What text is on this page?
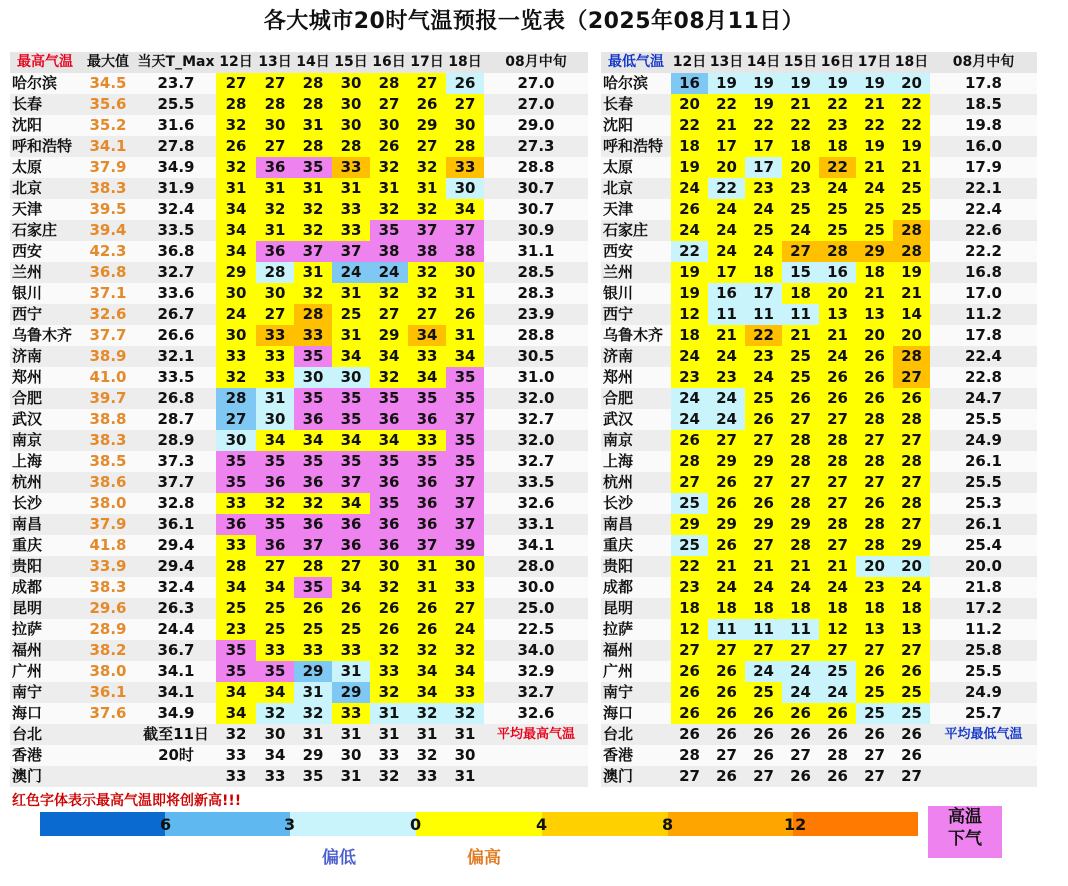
各大城市20时气温预报一览表（2025年08月11日）
最高气温	最大值	当天T_Max	12日	13日	14日	15日	16日	17日	18日	08月中旬
哈尔滨	34.5	23.7	27	27	28	30	28	27	26	27.0
长春	35.6	25.5	28	28	28	30	27	26	27	27.0
沈阳	35.2	31.6	32	30	31	30	30	29	30	29.0
呼和浩特	34.1	27.8	26	27	28	28	26	27	28	27.3
太原	37.9	34.9	32	36	35	33	32	32	33	28.8
北京	38.3	31.9	31	31	31	31	31	31	30	30.7
天津	39.5	32.4	34	32	32	33	32	32	34	30.7
石家庄	39.4	33.5	34	31	32	33	35	37	37	30.9
西安	42.3	36.8	34	36	37	37	38	38	38	31.1
兰州	36.8	32.7	29	28	31	24	24	32	30	28.5
银川	37.1	33.6	30	30	32	31	32	32	31	28.3
西宁	32.6	26.7	24	27	28	25	27	27	26	23.9
乌鲁木齐	37.7	26.6	30	33	33	31	29	34	31	28.8
济南	38.9	32.1	33	33	35	34	34	33	34	30.5
郑州	41.0	33.5	32	33	30	30	32	34	35	31.0
合肥	39.7	26.8	28	31	35	35	35	35	35	32.0
武汉	38.8	28.7	27	30	36	35	36	36	37	32.7
南京	38.3	28.9	30	34	34	34	34	33	35	32.0
上海	38.5	37.3	35	35	35	35	35	35	35	32.7
杭州	38.6	37.7	35	36	36	37	36	36	37	33.5
长沙	38.0	32.8	33	32	32	34	35	36	37	32.6
南昌	37.9	36.1	36	35	36	36	36	36	37	33.1
重庆	41.8	29.4	33	36	37	36	36	37	39	34.1
贵阳	33.9	29.4	28	27	28	27	30	31	30	28.0
成都	38.3	32.4	34	34	35	34	32	31	33	30.0
昆明	29.6	26.3	25	25	26	26	26	26	27	25.0
拉萨	28.9	24.4	23	25	25	25	26	26	24	22.5
福州	38.2	36.7	35	33	33	33	32	32	32	34.0
广州	38.0	34.1	35	35	29	31	33	34	34	32.9
南宁	36.1	34.1	34	34	31	29	32	34	33	32.7
海口	37.6	34.9	34	32	32	33	31	32	32	32.6
台北		截至11日	32	30	31	31	31	31	31	平均最高气温
香港		20时	33	34	29	30	33	32	30	
澳门			33	33	35	31	32	33	31	
最低气温	12日	13日	14日	15日	16日	17日	18日	08月中旬
哈尔滨	16	19	19	19	19	19	20	17.8
长春	20	22	19	21	22	21	22	18.5
沈阳	22	21	22	22	23	22	22	19.8
呼和浩特	18	17	17	18	18	19	19	16.0
太原	19	20	17	20	22	21	21	17.9
北京	24	22	23	23	24	24	25	22.1
天津	26	24	24	25	25	25	25	22.4
石家庄	24	24	25	24	25	25	28	22.6
西安	22	24	24	27	28	29	28	22.2
兰州	19	17	18	15	16	18	19	16.8
银川	19	16	17	18	20	21	21	17.0
西宁	12	11	11	11	13	13	14	11.2
乌鲁木齐	18	21	22	21	21	20	20	17.8
济南	24	24	23	25	24	26	28	22.4
郑州	23	23	24	25	26	26	27	22.8
合肥	24	24	25	26	26	26	26	24.7
武汉	24	24	26	27	27	28	28	25.5
南京	26	27	27	28	28	27	27	24.9
上海	28	29	29	28	28	28	28	26.1
杭州	27	26	27	27	27	27	27	25.5
长沙	25	26	26	28	27	26	28	25.3
南昌	29	29	29	29	28	28	27	26.1
重庆	25	26	27	28	27	28	29	25.4
贵阳	22	21	21	21	21	20	20	20.0
成都	23	24	24	24	24	23	24	21.8
昆明	18	18	18	18	18	18	18	17.2
拉萨	12	11	11	11	12	13	13	11.2
福州	27	27	27	27	27	27	27	25.8
广州	26	26	24	24	25	26	26	25.5
南宁	26	26	25	24	24	25	25	24.9
海口	26	26	26	26	26	25	25	25.7
台北	26	26	26	26	26	26	26	平均最低气温
香港	28	27	26	27	28	27	26	
澳门	27	26	27	26	26	27	27	
红色字体表示最高气温即将创新高!!!
6	3	0	4	8	12	高温
下气
偏低	偏高
